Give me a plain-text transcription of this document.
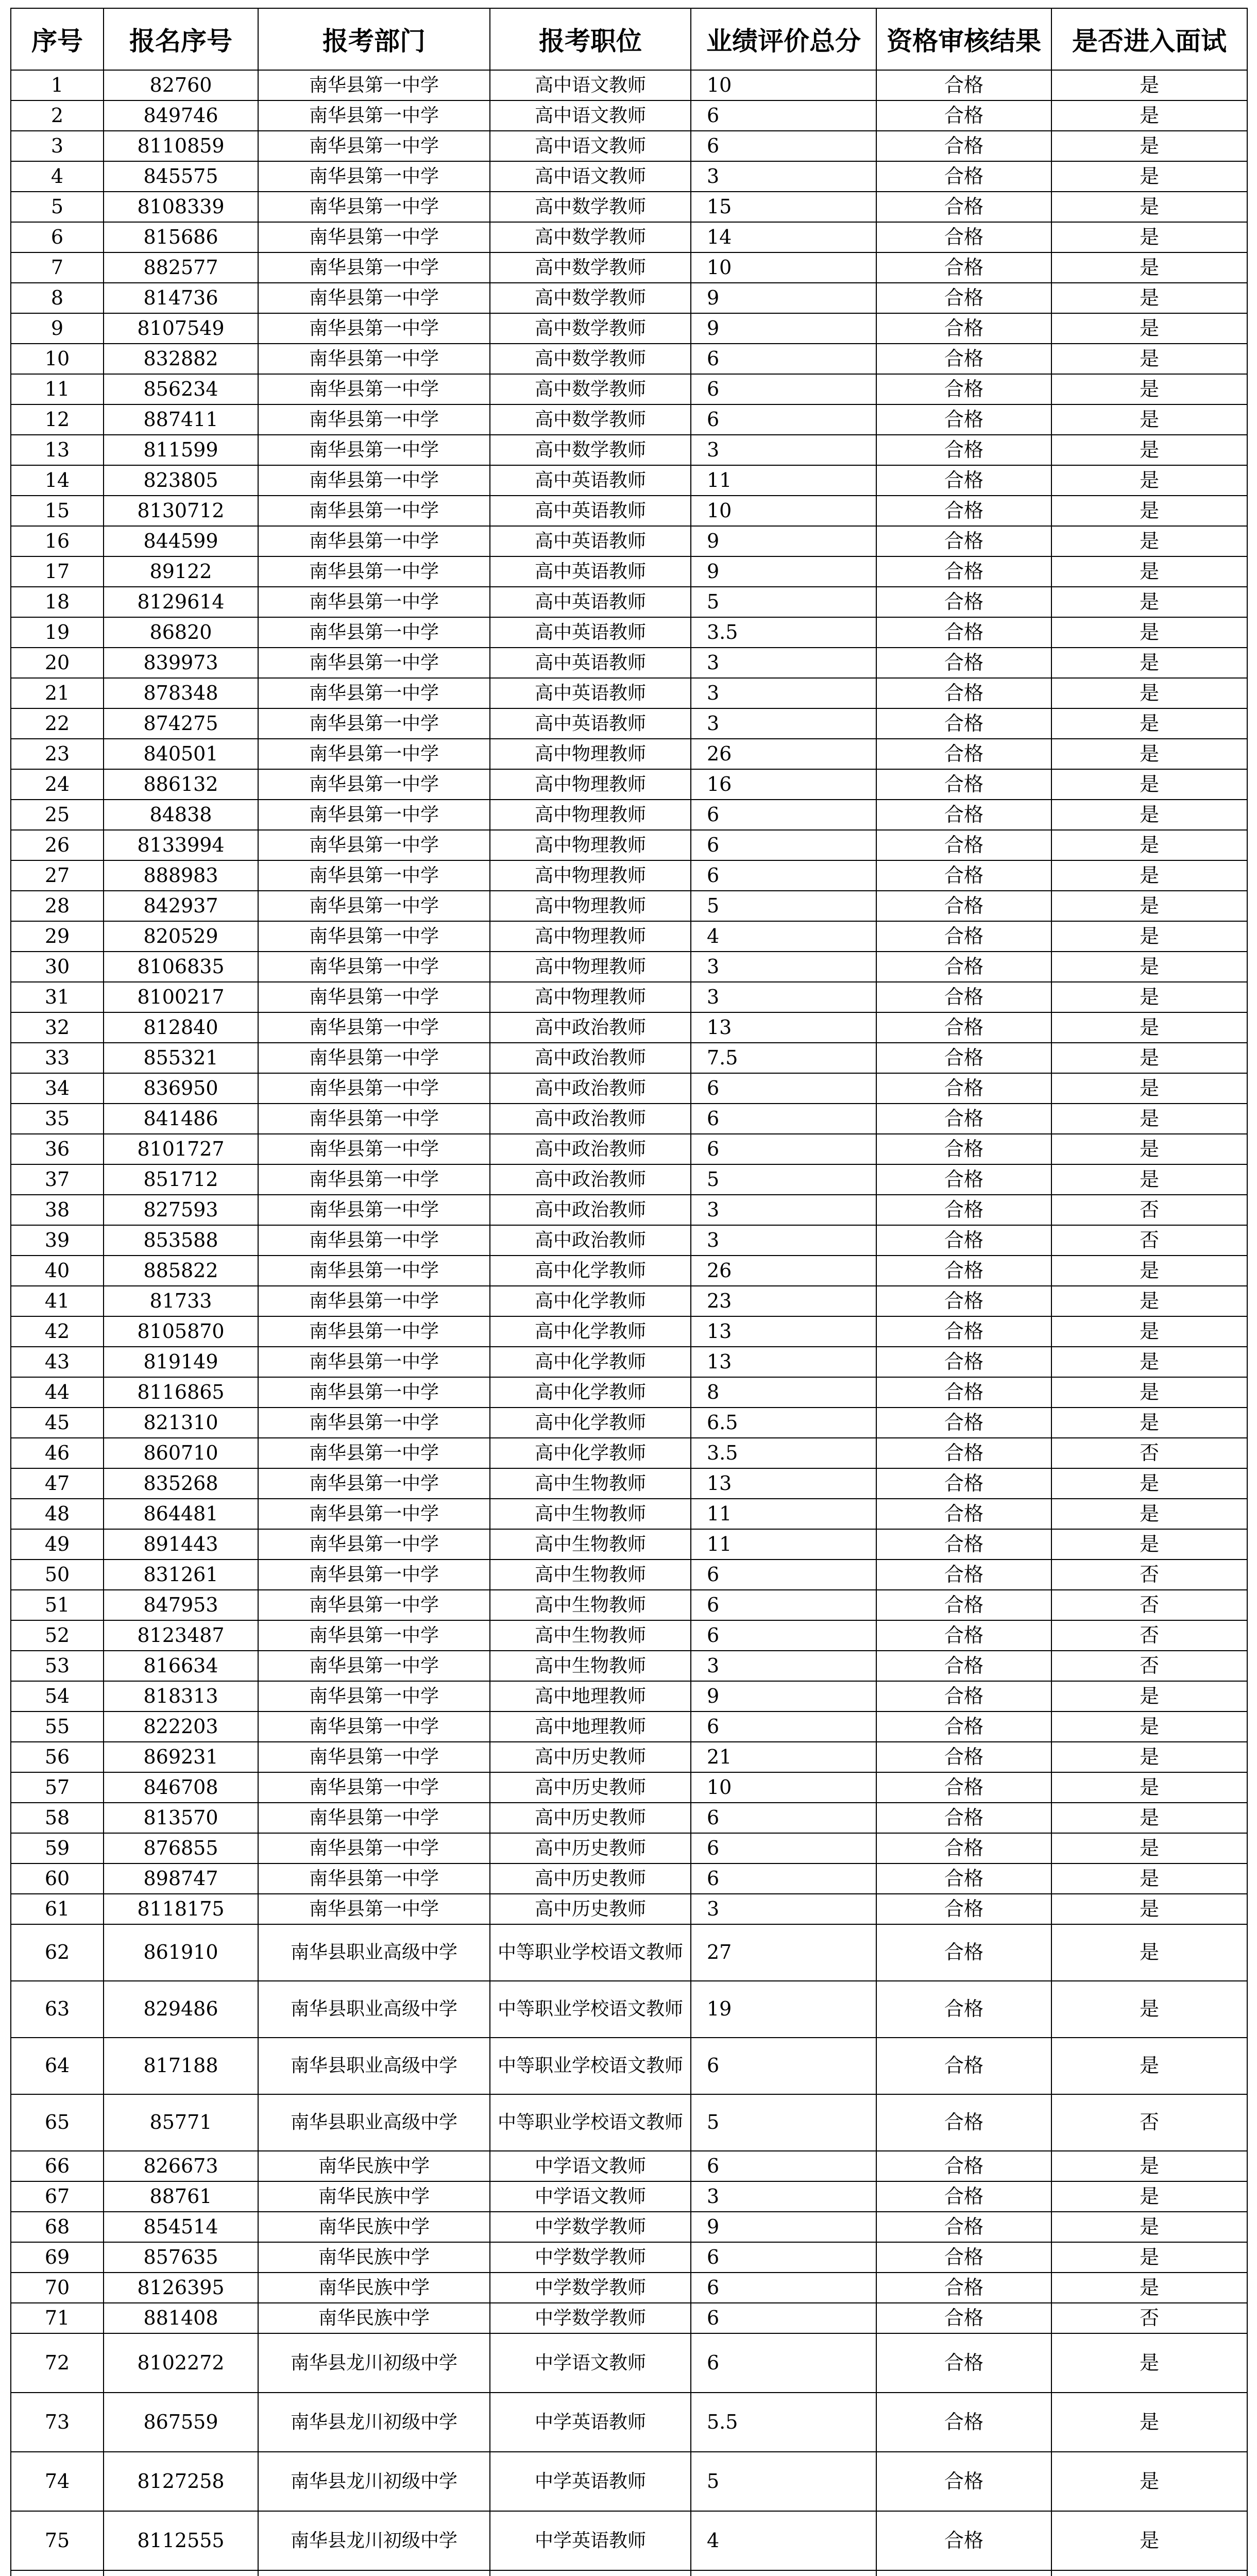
序号	报名序号	报考部门	报考职位	业绩评价总分	资格审核结果	是否进入面试
1	82760	南华县第一中学	高中语文教师	10	合格	是
2	849746	南华县第一中学	高中语文教师	6	合格	是
3	8110859	南华县第一中学	高中语文教师	6	合格	是
4	845575	南华县第一中学	高中语文教师	3	合格	是
5	8108339	南华县第一中学	高中数学教师	15	合格	是
6	815686	南华县第一中学	高中数学教师	14	合格	是
7	882577	南华县第一中学	高中数学教师	10	合格	是
8	814736	南华县第一中学	高中数学教师	9	合格	是
9	8107549	南华县第一中学	高中数学教师	9	合格	是
10	832882	南华县第一中学	高中数学教师	6	合格	是
11	856234	南华县第一中学	高中数学教师	6	合格	是
12	887411	南华县第一中学	高中数学教师	6	合格	是
13	811599	南华县第一中学	高中数学教师	3	合格	是
14	823805	南华县第一中学	高中英语教师	11	合格	是
15	8130712	南华县第一中学	高中英语教师	10	合格	是
16	844599	南华县第一中学	高中英语教师	9	合格	是
17	89122	南华县第一中学	高中英语教师	9	合格	是
18	8129614	南华县第一中学	高中英语教师	5	合格	是
19	86820	南华县第一中学	高中英语教师	3.5	合格	是
20	839973	南华县第一中学	高中英语教师	3	合格	是
21	878348	南华县第一中学	高中英语教师	3	合格	是
22	874275	南华县第一中学	高中英语教师	3	合格	是
23	840501	南华县第一中学	高中物理教师	26	合格	是
24	886132	南华县第一中学	高中物理教师	16	合格	是
25	84838	南华县第一中学	高中物理教师	6	合格	是
26	8133994	南华县第一中学	高中物理教师	6	合格	是
27	888983	南华县第一中学	高中物理教师	6	合格	是
28	842937	南华县第一中学	高中物理教师	5	合格	是
29	820529	南华县第一中学	高中物理教师	4	合格	是
30	8106835	南华县第一中学	高中物理教师	3	合格	是
31	8100217	南华县第一中学	高中物理教师	3	合格	是
32	812840	南华县第一中学	高中政治教师	13	合格	是
33	855321	南华县第一中学	高中政治教师	7.5	合格	是
34	836950	南华县第一中学	高中政治教师	6	合格	是
35	841486	南华县第一中学	高中政治教师	6	合格	是
36	8101727	南华县第一中学	高中政治教师	6	合格	是
37	851712	南华县第一中学	高中政治教师	5	合格	是
38	827593	南华县第一中学	高中政治教师	3	合格	否
39	853588	南华县第一中学	高中政治教师	3	合格	否
40	885822	南华县第一中学	高中化学教师	26	合格	是
41	81733	南华县第一中学	高中化学教师	23	合格	是
42	8105870	南华县第一中学	高中化学教师	13	合格	是
43	819149	南华县第一中学	高中化学教师	13	合格	是
44	8116865	南华县第一中学	高中化学教师	8	合格	是
45	821310	南华县第一中学	高中化学教师	6.5	合格	是
46	860710	南华县第一中学	高中化学教师	3.5	合格	否
47	835268	南华县第一中学	高中生物教师	13	合格	是
48	864481	南华县第一中学	高中生物教师	11	合格	是
49	891443	南华县第一中学	高中生物教师	11	合格	是
50	831261	南华县第一中学	高中生物教师	6	合格	否
51	847953	南华县第一中学	高中生物教师	6	合格	否
52	8123487	南华县第一中学	高中生物教师	6	合格	否
53	816634	南华县第一中学	高中生物教师	3	合格	否
54	818313	南华县第一中学	高中地理教师	9	合格	是
55	822203	南华县第一中学	高中地理教师	6	合格	是
56	869231	南华县第一中学	高中历史教师	21	合格	是
57	846708	南华县第一中学	高中历史教师	10	合格	是
58	813570	南华县第一中学	高中历史教师	6	合格	是
59	876855	南华县第一中学	高中历史教师	6	合格	是
60	898747	南华县第一中学	高中历史教师	6	合格	是
61	8118175	南华县第一中学	高中历史教师	3	合格	是
62	861910	南华县职业高级中学	中等职业学校语文教师	27	合格	是
63	829486	南华县职业高级中学	中等职业学校语文教师	19	合格	是
64	817188	南华县职业高级中学	中等职业学校语文教师	6	合格	是
65	85771	南华县职业高级中学	中等职业学校语文教师	5	合格	否
66	826673	南华民族中学	中学语文教师	6	合格	是
67	88761	南华民族中学	中学语文教师	3	合格	是
68	854514	南华民族中学	中学数学教师	9	合格	是
69	857635	南华民族中学	中学数学教师	6	合格	是
70	8126395	南华民族中学	中学数学教师	6	合格	是
71	881408	南华民族中学	中学数学教师	6	合格	否
72	8102272	南华县龙川初级中学	中学语文教师	6	合格	是
73	867559	南华县龙川初级中学	中学英语教师	5.5	合格	是
74	8127258	南华县龙川初级中学	中学英语教师	5	合格	是
75	8112555	南华县龙川初级中学	中学英语教师	4	合格	是
